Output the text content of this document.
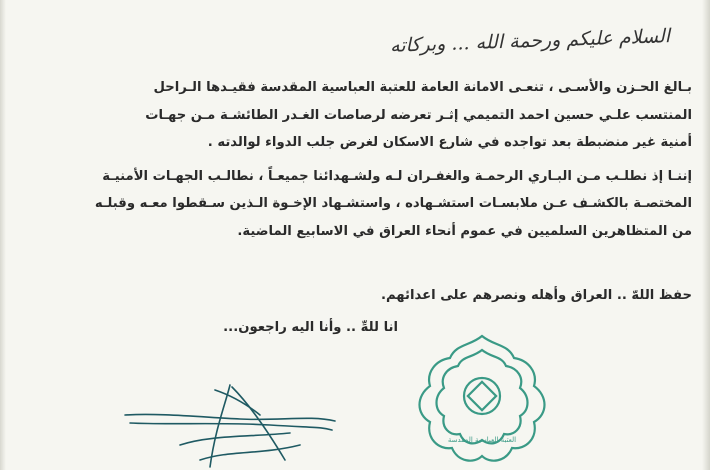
السلام عليكم ورحمة الله ... وبركاته

بـالغ الحـزن والأسـى ، تنعـى الامانة العامة للعتبة العباسية المقدسة فقيـدها الـراحل

المنتسب علـي حسين احمد التميمي إثـر تعرضه لرصاصات الغـدر الطائشـة مـن جهـات

أمنية غير منضبطة بعد تواجده في شارع الاسكان لغرض جلب الدواء لوالدته .

إننـا إذ نطلـب مـن البـاري الرحمـة والغفـران لـه ولشـهدائنا جميعـاً ، نطالـب الجهـات الأمنيـة

المختصـة بالكشـف عـن ملابسـات استشـهاده ، واستشـهاد الإخـوة الـذين سـقطوا معـه وقبلـه

من المتظاهرين السلميين في عموم أنحاء العراق في الاسابيع الماضية.

حفظ اللهّ .. العراق وأهله ونصرهم على اعدائهم.
انا للهِّ .. وأنا اليه راجعون...
العتبة العباسية المقدسة
